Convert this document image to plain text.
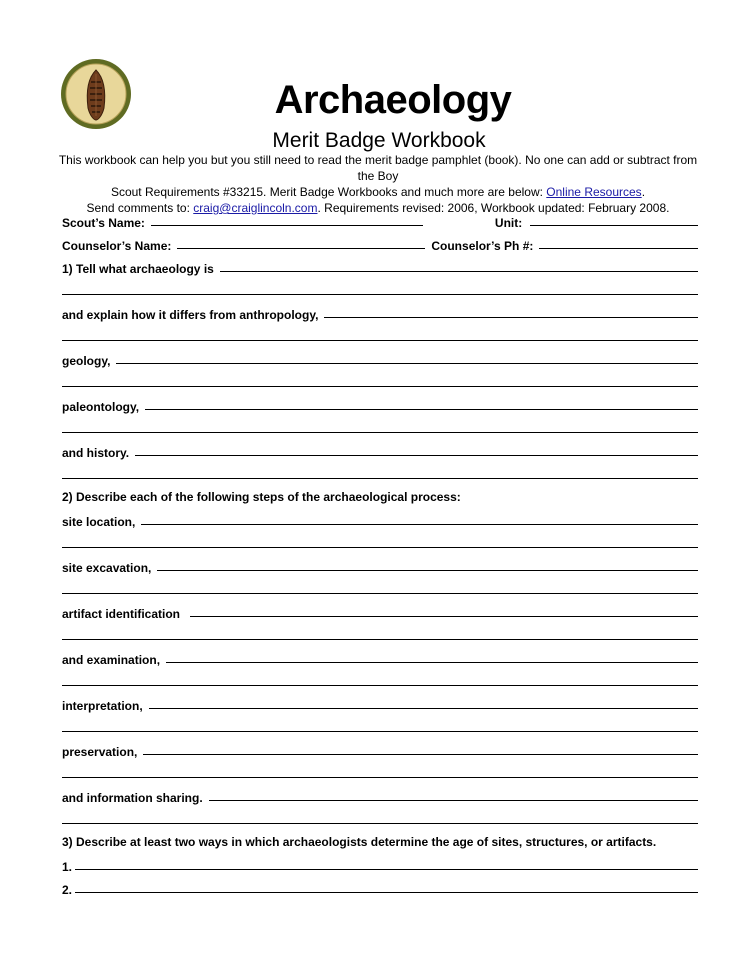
Archaeology
Merit Badge Workbook
This workbook can help you but you still need to read the merit badge pamphlet (book). No one can add or subtract from the Boy
Scout Requirements #33215. Merit Badge Workbooks and much more are below: Online Resources.
Send comments to: craig@craiglincoln.com. Requirements revised: 2006, Workbook updated: February 2008.
Scout’s Name:	Unit:
Counselor’s Name:	Counselor’s Ph #:
1) Tell what archaeology is
and explain how it differs from anthropology,
geology,
paleontology,
and history.
2) Describe each of the following steps of the archaeological process:
site location,
site excavation,
artifact identification
and examination,
interpretation,
preservation,
and information sharing.
3) Describe at least two ways in which archaeologists determine the age of sites, structures, or artifacts.
1.
2.
